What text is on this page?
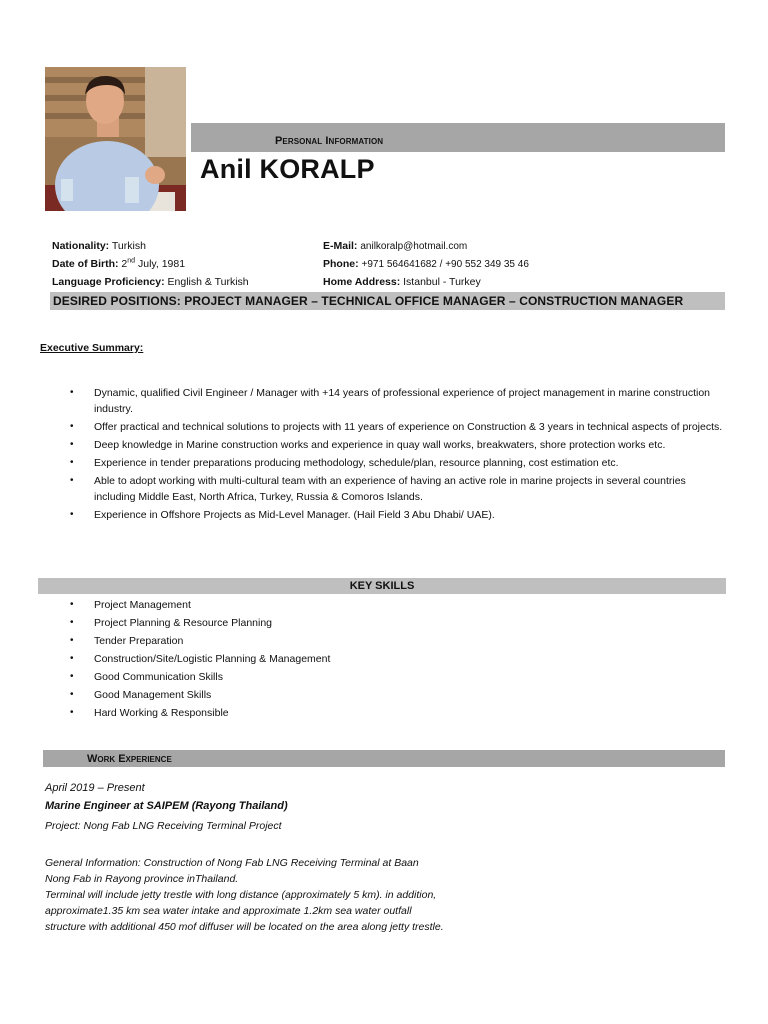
Personal Information
Anil KORALP
Nationality: Turkish
Date of Birth: 2nd July, 1981
Language Proficiency: English & Turkish
E-Mail: anilkoralp@hotmail.com
Phone: +971 564641682 / +90 552 349 35 46
Home Address: Istanbul - Turkey
DESIRED POSITIONS: PROJECT MANAGER – TECHNICAL OFFICE MANAGER – CONSTRUCTION MANAGER
Executive Summary:
• Dynamic, qualified Civil Engineer / Manager with +14 years of professional experience of project management in marine construction industry.
• Offer practical and technical solutions to projects with 11 years of experience on Construction & 3 years in technical aspects of projects.
• Deep knowledge in Marine construction works and experience in quay wall works, breakwaters, shore protection works etc.
• Experience in tender preparations producing methodology, schedule/plan, resource planning, cost estimation etc.
• Able to adopt working with multi-cultural team with an experience of having an active role in marine projects in several countries including Middle East, North Africa, Turkey, Russia & Comoros Islands.
• Experience in Offshore Projects as Mid-Level Manager. (Hail Field 3 Abu Dhabi/ UAE).
KEY SKILLS
• Project Management
• Project Planning & Resource Planning
• Tender Preparation
• Construction/Site/Logistic Planning & Management
• Good Communication Skills
• Good Management Skills
• Hard Working & Responsible
Work Experience
April 2019 – Present
Marine Engineer at SAIPEM (Rayong Thailand)
Project: Nong Fab LNG Receiving Terminal Project

General Information: Construction of Nong Fab LNG Receiving Terminal at Baan Nong Fab in Rayong province inThailand.

Terminal will include jetty trestle with long distance (approximately 5 km). in addition, approximate1.35 km sea water intake and approximate 1.2km sea water outfall structure with additional 450 mof diffuser will be located on the area along jetty trestle.
